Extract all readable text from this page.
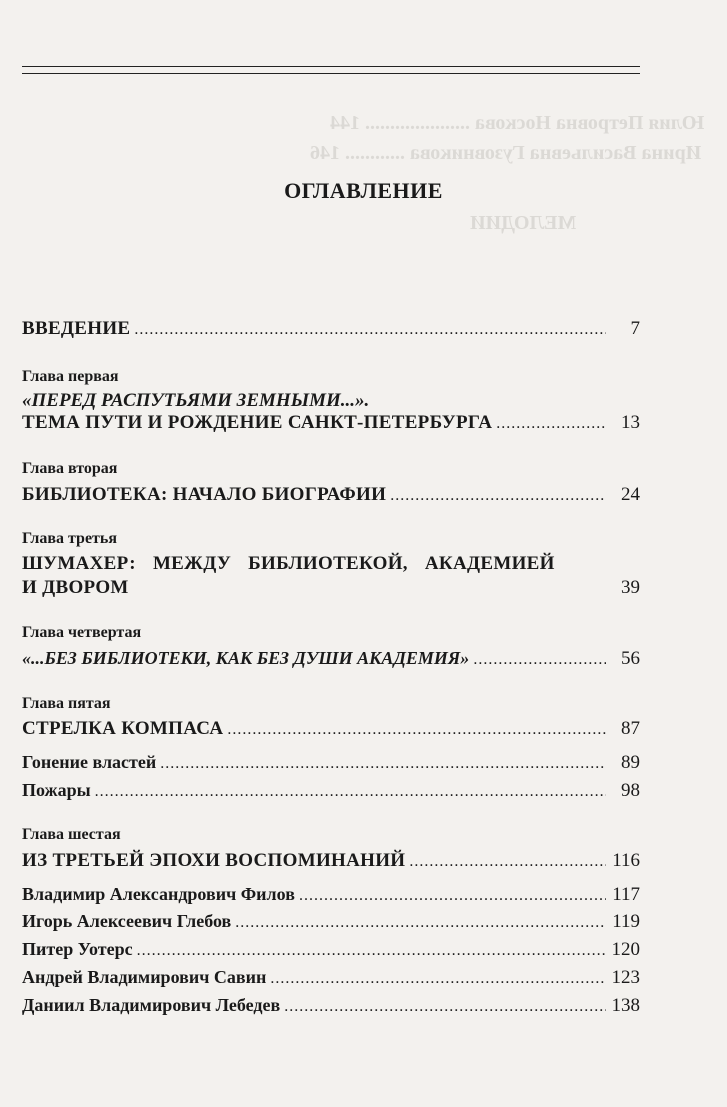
Юлия Петровна Носкова ..................... 144
Ирина Васильевна Гузовникова ............ 146
МЕЛОДИИ
ОГЛАВЛЕНИЕ
ВВЕДЕНИЕ .....	7
Глава первая
«ПЕРЕД РАСПУТЬЯМИ ЗЕМНЫМИ...».
ТЕМА ПУТИ И РОЖДЕНИЕ САНКТ-ПЕТЕРБУРГА .....	13
Глава вторая
БИБЛИОТЕКА: НАЧАЛО БИОГРАФИИ .....	24
Глава третья
ШУМАХЕР: МЕЖДУ БИБЛИОТЕКОЙ, АКАДЕМИЕЙ
И ДВОРОМ	39
Глава четвертая
«...БЕЗ БИБЛИОТЕКИ, КАК БЕЗ ДУШИ АКАДЕМИЯ» .....	56
Глава пятая
СТРЕЛКА КОМПАСА .....	87
Гонение властей .....	89
Пожары .....	98
Глава шестая
ИЗ ТРЕТЬЕЙ ЭПОХИ ВОСПОМИНАНИЙ .....	116
Владимир Александрович Филов .....	117
Игорь Алексеевич Глебов .....	119
Питер Уотерс .....	120
Андрей Владимирович Савин .....	123
Даниил Владимирович Лебедев .....	138
